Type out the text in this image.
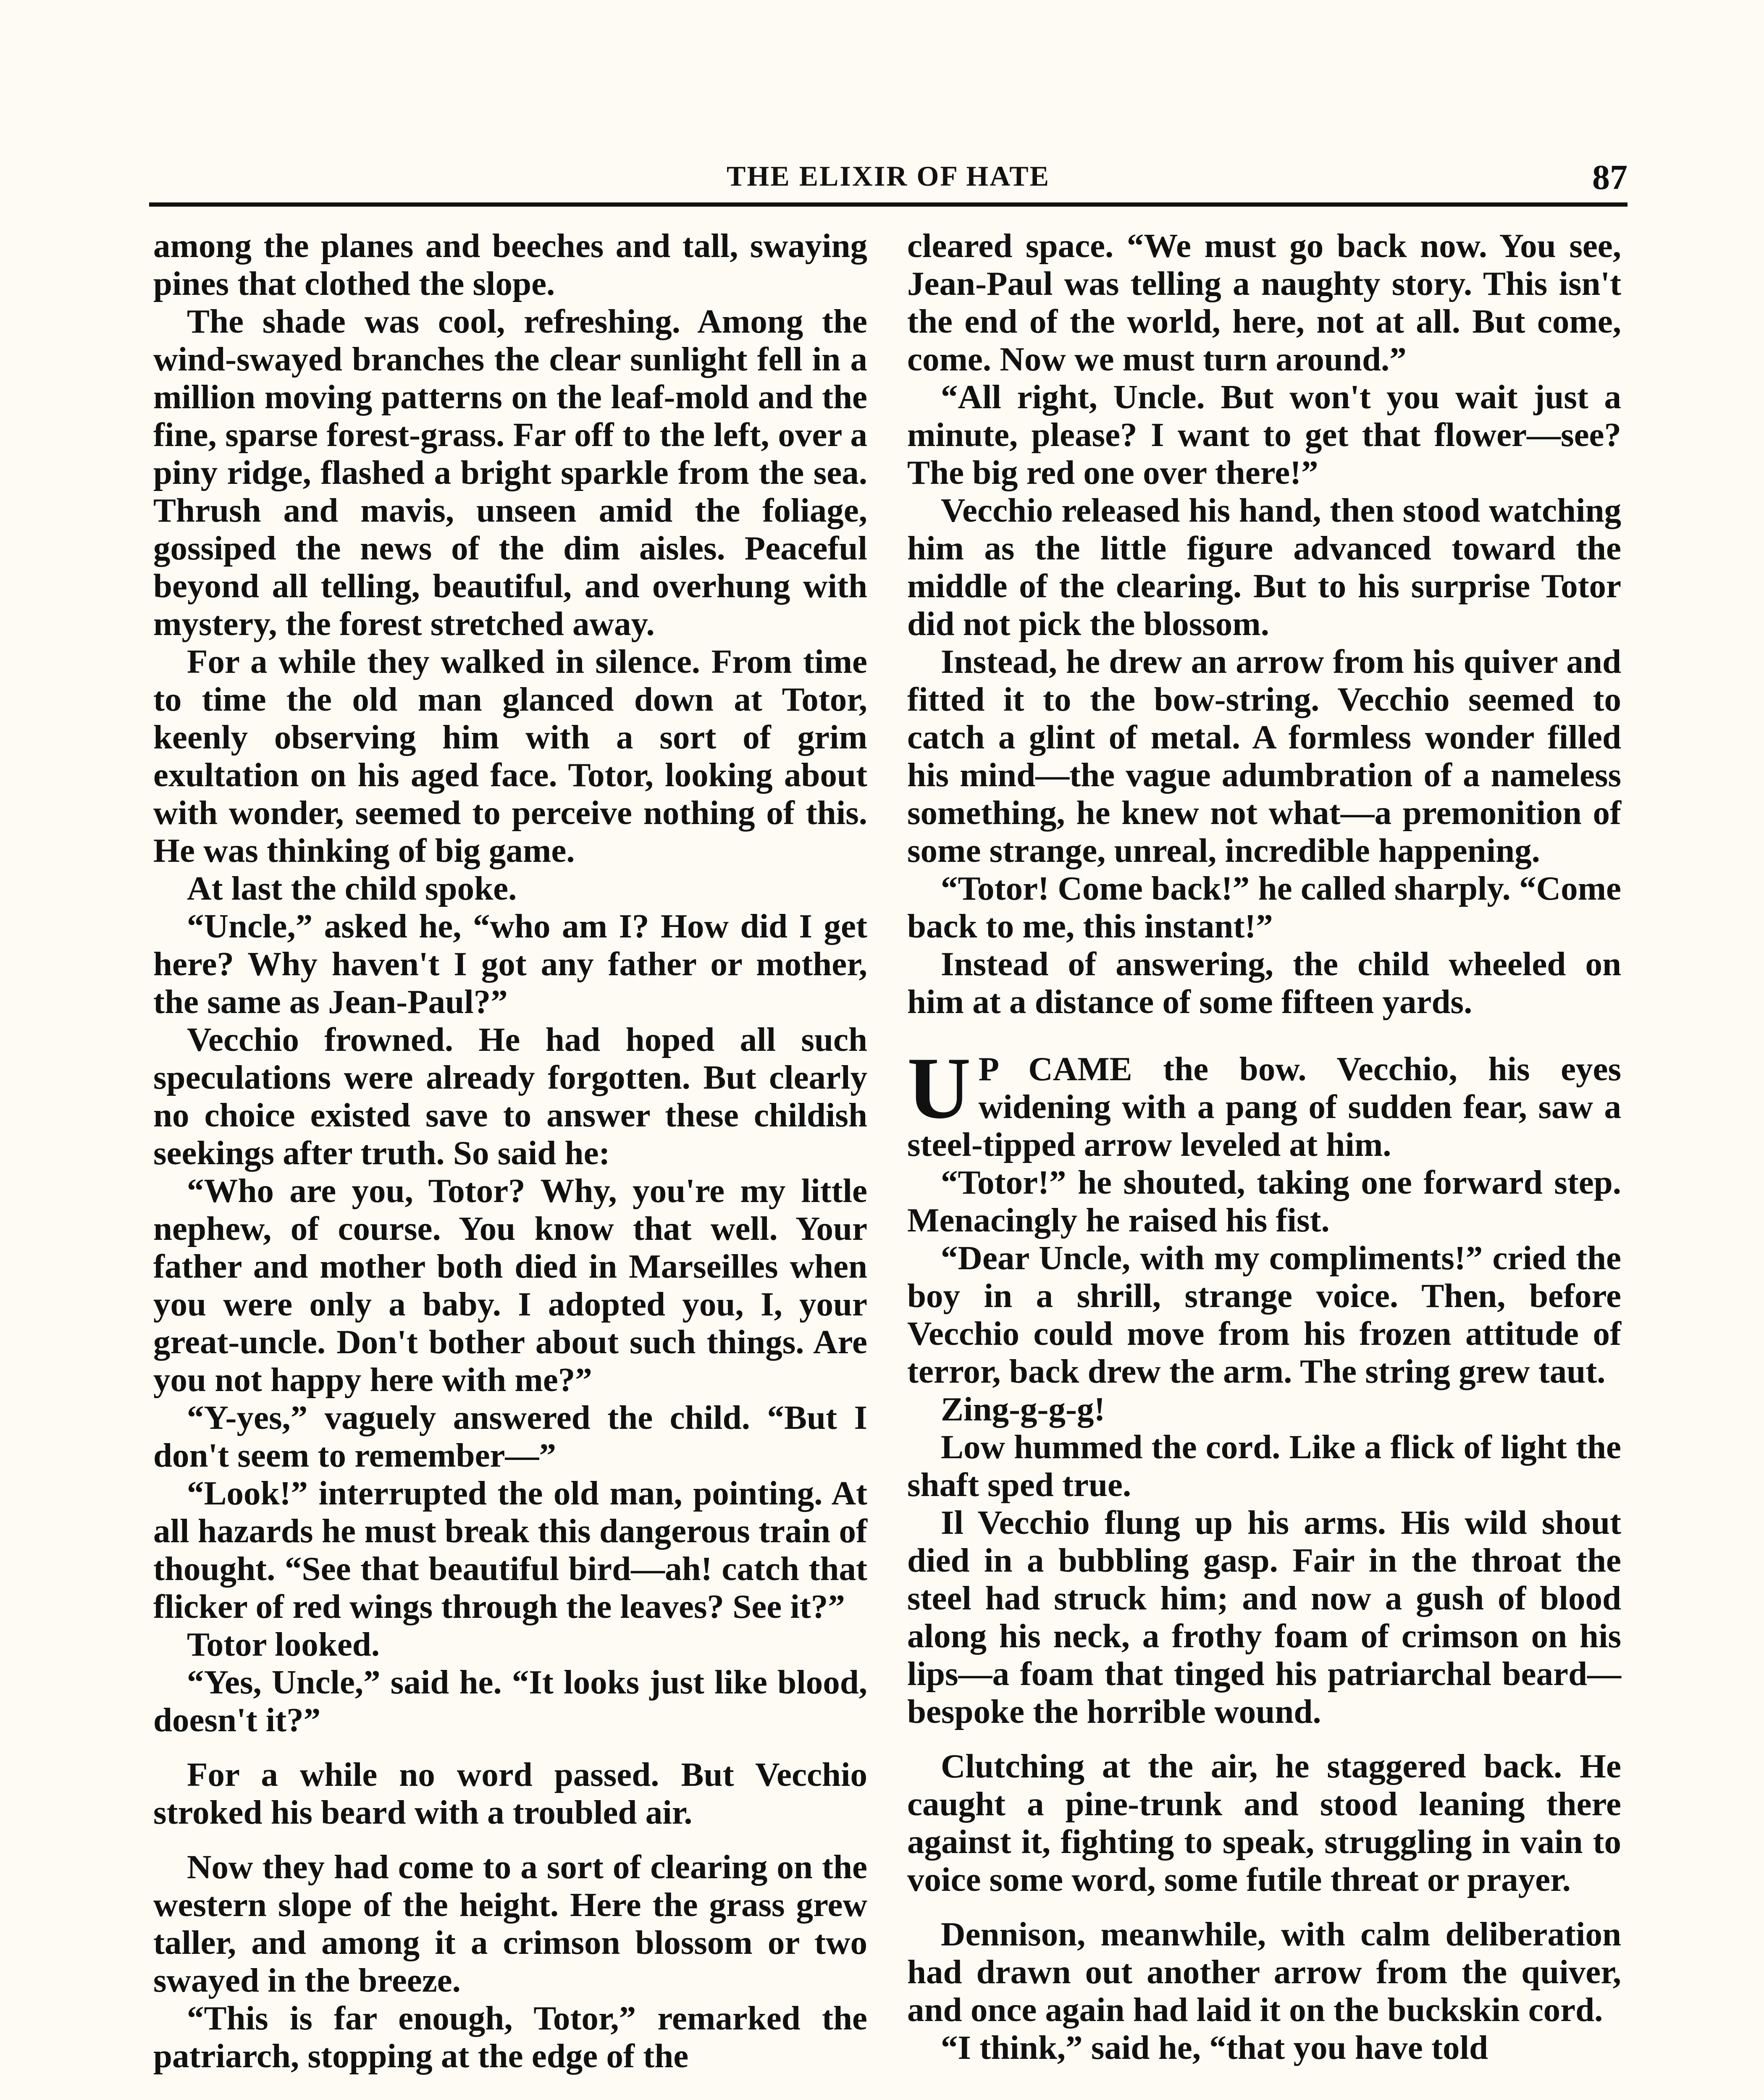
THE ELIXIR OF HATE	87

among the planes and beeches and tall, swaying pines that clothed the slope.

The shade was cool, refreshing. Among the wind-swayed branches the clear sunlight fell in a million moving patterns on the leaf-mold and the fine, sparse forest-grass. Far off to the left, over a piny ridge, flashed a bright sparkle from the sea. Thrush and mavis, unseen amid the foliage, gossiped the news of the dim aisles. Peaceful beyond all telling, beautiful, and overhung with mystery, the forest stretched away.

For a while they walked in silence. From time to time the old man glanced down at Totor, keenly observing him with a sort of grim exultation on his aged face. Totor, looking about with wonder, seemed to perceive nothing of this. He was thinking of big game.

At last the child spoke.

“Uncle,” asked he, “who am I? How did I get here? Why haven't I got any father or mother, the same as Jean-Paul?”

Vecchio frowned. He had hoped all such speculations were already forgotten. But clearly no choice existed save to answer these childish seekings after truth. So said he:

“Who are you, Totor? Why, you're my little nephew, of course. You know that well. Your father and mother both died in Marseilles when you were only a baby. I adopted you, I, your great-uncle. Don't bother about such things. Are you not happy here with me?”

“Y-yes,” vaguely answered the child. “But I don't seem to remember—”

“Look!” interrupted the old man, pointing. At all hazards he must break this dangerous train of thought. “See that beautiful bird—ah! catch that flicker of red wings through the leaves? See it?”

Totor looked.

“Yes, Uncle,” said he. “It looks just like blood, doesn't it?”

For a while no word passed. But Vecchio stroked his beard with a troubled air.

Now they had come to a sort of clearing on the western slope of the height. Here the grass grew taller, and among it a crimson blossom or two swayed in the breeze.

“This is far enough, Totor,” remarked the patriarch, stopping at the edge of the

cleared space. “We must go back now. You see, Jean-Paul was telling a naughty story. This isn't the end of the world, here, not at all. But come, come. Now we must turn around.”

“All right, Uncle. But won't you wait just a minute, please? I want to get that flower—see? The big red one over there!”

Vecchio released his hand, then stood watching him as the little figure advanced toward the middle of the clearing. But to his surprise Totor did not pick the blossom.

Instead, he drew an arrow from his quiver and fitted it to the bow-string. Vecchio seemed to catch a glint of metal. A formless wonder filled his mind—the vague adumbration of a nameless something, he knew not what—a premonition of some strange, unreal, incredible happening.

“Totor! Come back!” he called sharply. “Come back to me, this instant!”

Instead of answering, the child wheeled on him at a distance of some fifteen yards.

U P CAME the bow. Vecchio, his eyes widening with a pang of sudden fear, saw a steel-tipped arrow leveled at him.

“Totor!” he shouted, taking one forward step. Menacingly he raised his fist.

“Dear Uncle, with my compliments!” cried the boy in a shrill, strange voice. Then, before Vecchio could move from his frozen attitude of terror, back drew the arm. The string grew taut.

Zing-g-g-g!

Low hummed the cord. Like a flick of light the shaft sped true.

Il Vecchio flung up his arms. His wild shout died in a bubbling gasp. Fair in the throat the steel had struck him; and now a gush of blood along his neck, a frothy foam of crimson on his lips—a foam that tinged his patriarchal beard—bespoke the horrible wound.

Clutching at the air, he staggered back. He caught a pine-trunk and stood leaning there against it, fighting to speak, struggling in vain to voice some word, some futile threat or prayer.

Dennison, meanwhile, with calm deliberation had drawn out another arrow from the quiver, and once again had laid it on the buckskin cord.

“I think,” said he, “that you have told
